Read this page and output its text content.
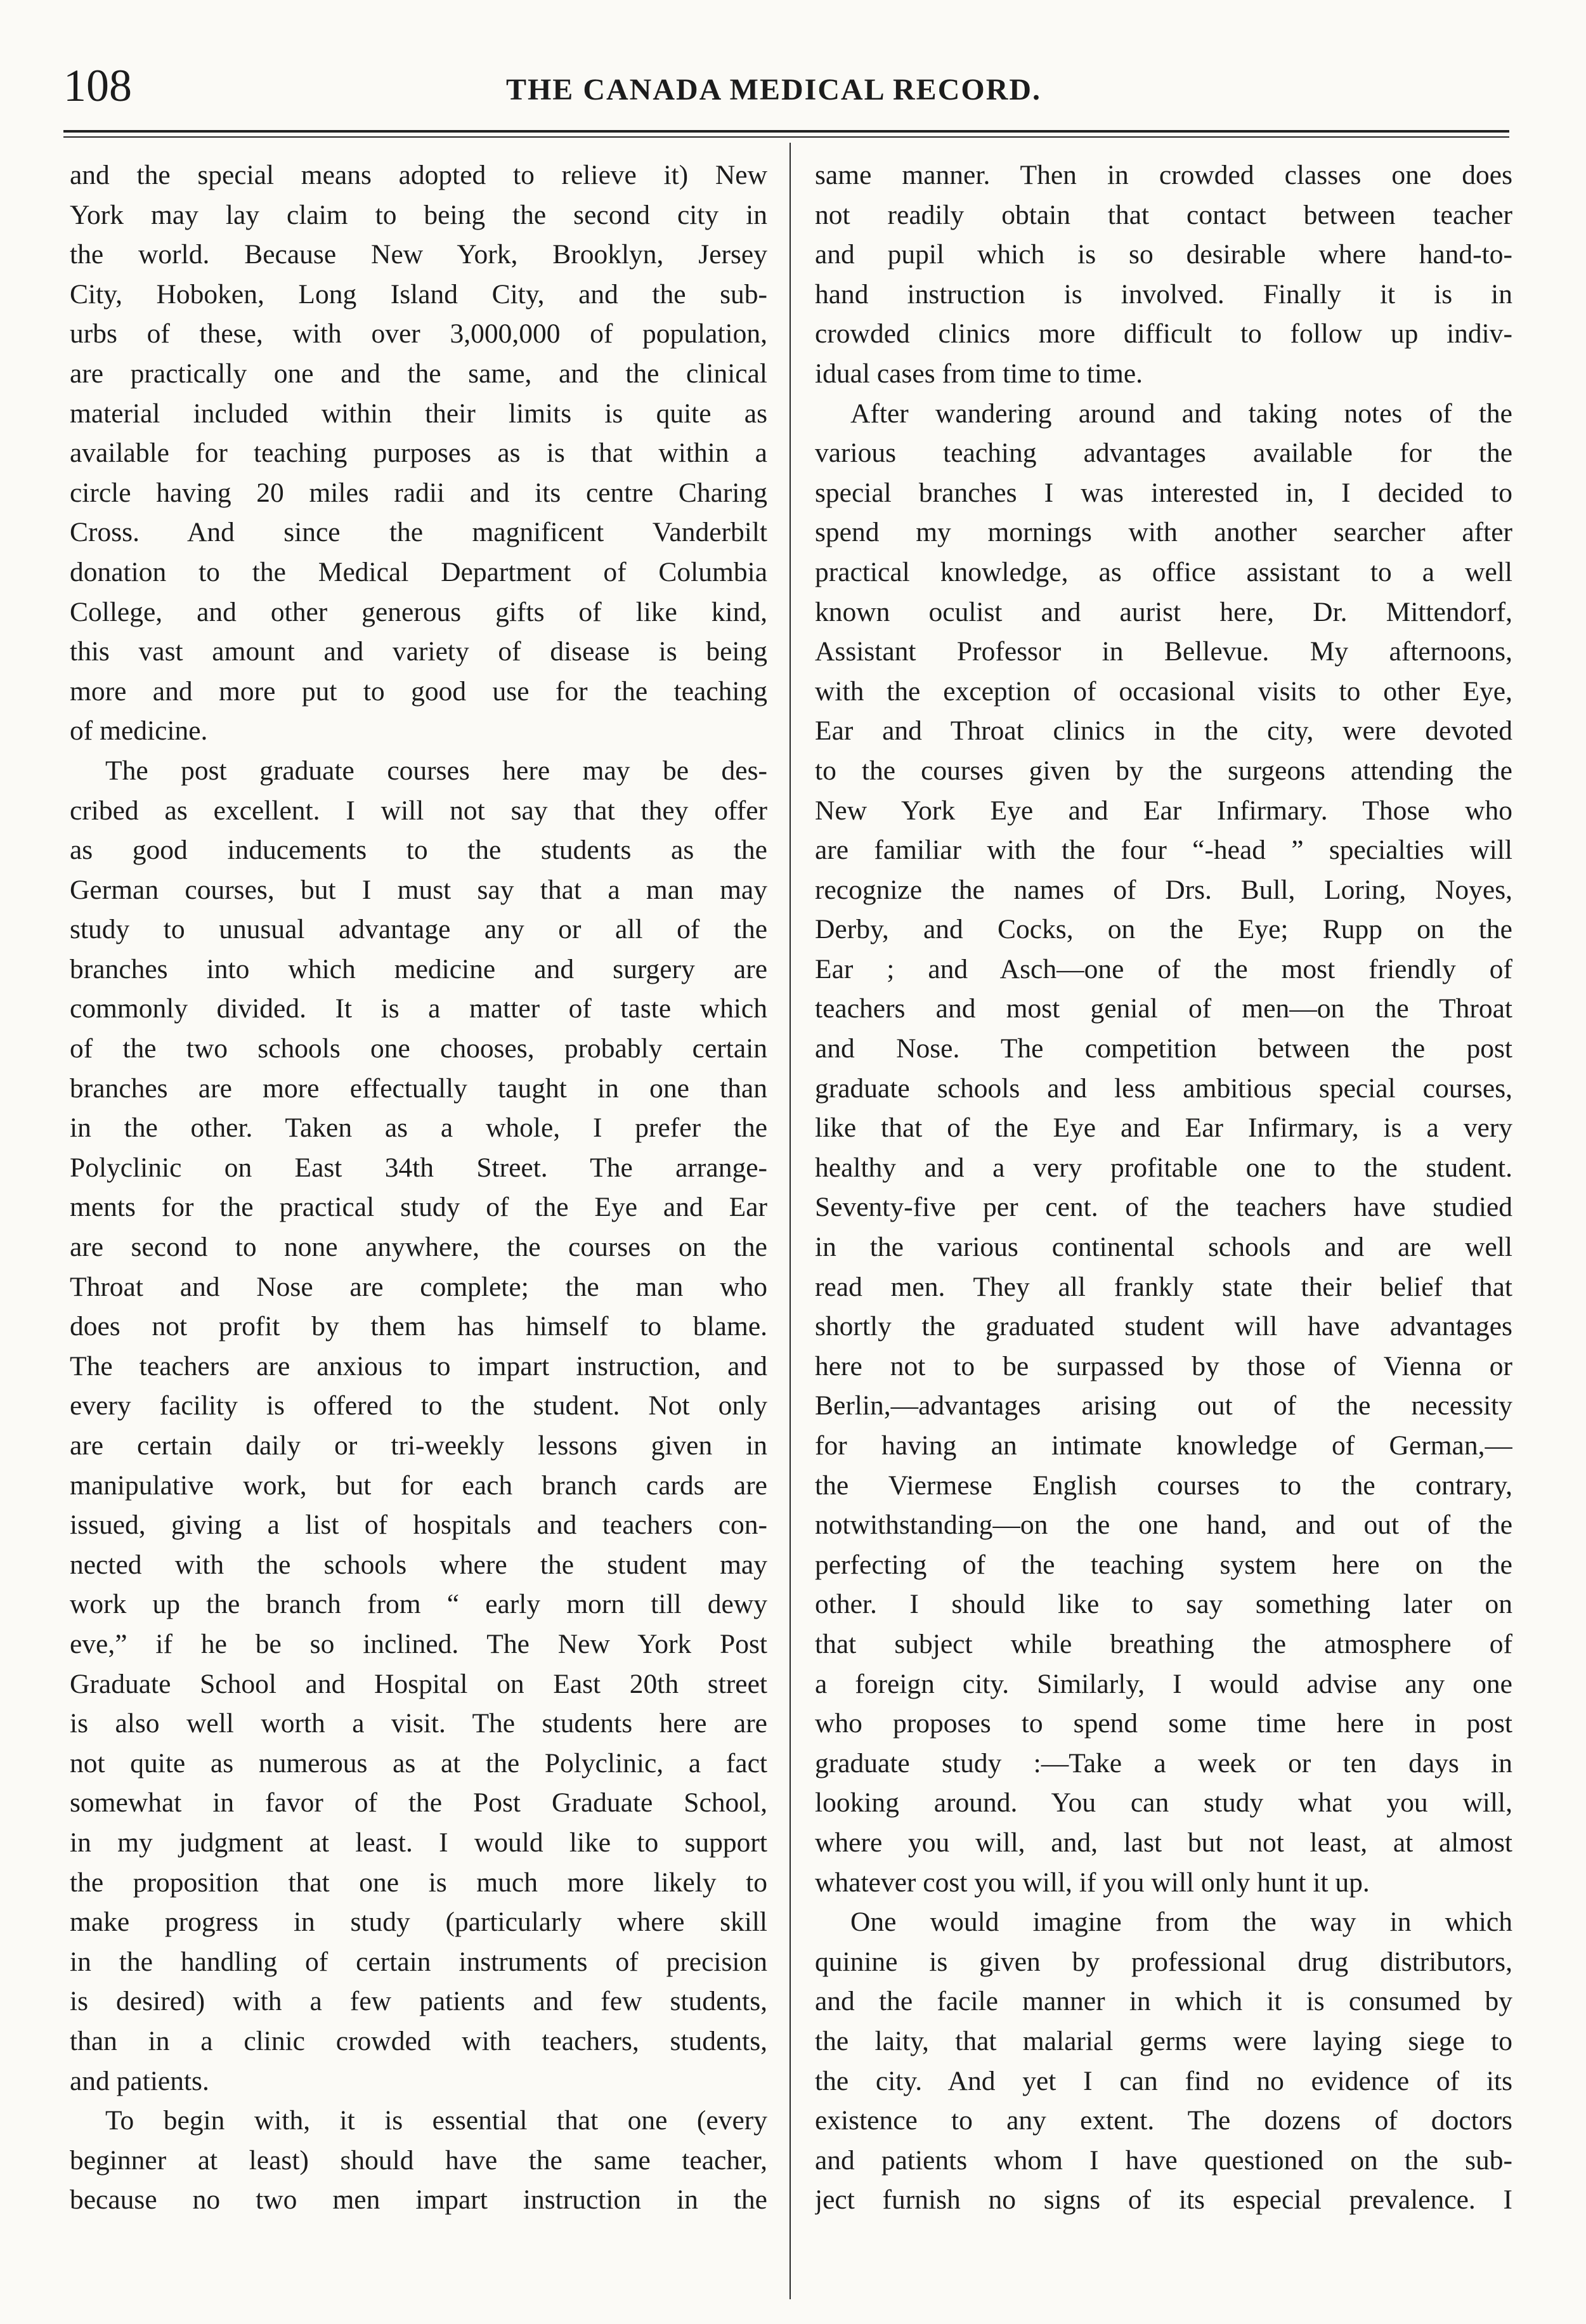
108	THE CANADA MEDICAL RECORD.
and the special means adopted to relieve it) New
York may lay claim to being the second city in
the world. Because New York, Brooklyn, Jersey
City, Hoboken, Long Island City, and the sub-
urbs of these, with over 3,000,000 of population,
are practically one and the same, and the clinical
material included within their limits is quite as
available for teaching purposes as is that within a
circle having 20 miles radii and its centre Charing
Cross. And since the magnificent Vanderbilt
donation to the Medical Department of Columbia
College, and other generous gifts of like kind,
this vast amount and variety of disease is being
more and more put to good use for the teaching
of medicine.
The post graduate courses here may be des-
cribed as excellent. I will not say that they offer
as good inducements to the students as the
German courses, but I must say that a man may
study to unusual advantage any or all of the
branches into which medicine and surgery are
commonly divided. It is a matter of taste which
of the two schools one chooses, probably certain
branches are more effectually taught in one than
in the other. Taken as a whole, I prefer the
Polyclinic on East 34th Street. The arrange-
ments for the practical study of the Eye and Ear
are second to none anywhere, the courses on the
Throat and Nose are complete; the man who
does not profit by them has himself to blame.
The teachers are anxious to impart instruction, and
every facility is offered to the student. Not only
are certain daily or tri-weekly lessons given in
manipulative work, but for each branch cards are
issued, giving a list of hospitals and teachers con-
nected with the schools where the student may
work up the branch from “ early morn till dewy
eve,” if he be so inclined. The New York Post
Graduate School and Hospital on East 20th street
is also well worth a visit. The students here are
not quite as numerous as at the Polyclinic, a fact
somewhat in favor of the Post Graduate School,
in my judgment at least. I would like to support
the proposition that one is much more likely to
make progress in study (particularly where skill
in the handling of certain instruments of precision
is desired) with a few patients and few students,
than in a clinic crowded with teachers, students,
and patients.
To begin with, it is essential that one (every
beginner at least) should have the same teacher,
because no two men impart instruction in the
same manner. Then in crowded classes one does
not readily obtain that contact between teacher
and pupil which is so desirable where hand-to-
hand instruction is involved. Finally it is in
crowded clinics more difficult to follow up indiv-
idual cases from time to time.
After wandering around and taking notes of the
various teaching advantages available for the
special branches I was interested in, I decided to
spend my mornings with another searcher after
practical knowledge, as office assistant to a well
known oculist and aurist here, Dr. Mittendorf,
Assistant Professor in Bellevue. My afternoons,
with the exception of occasional visits to other Eye,
Ear and Throat clinics in the city, were devoted
to the courses given by the surgeons attending the
New York Eye and Ear Infirmary. Those who
are familiar with the four “-head ” specialties will
recognize the names of Drs. Bull, Loring, Noyes,
Derby, and Cocks, on the Eye; Rupp on the
Ear ; and Asch—one of the most friendly of
teachers and most genial of men—on the Throat
and Nose. The competition between the post
graduate schools and less ambitious special courses,
like that of the Eye and Ear Infirmary, is a very
healthy and a very profitable one to the student.
Seventy-five per cent. of the teachers have studied
in the various continental schools and are well
read men. They all frankly state their belief that
shortly the graduated student will have advantages
here not to be surpassed by those of Vienna or
Berlin,—advantages arising out of the necessity
for having an intimate knowledge of German,—
the Viermese English courses to the contrary,
notwithstanding—on the one hand, and out of the
perfecting of the teaching system here on the
other. I should like to say something later on
that subject while breathing the atmosphere of
a foreign city. Similarly, I would advise any one
who proposes to spend some time here in post
graduate study :—Take a week or ten days in
looking around. You can study what you will,
where you will, and, last but not least, at almost
whatever cost you will, if you will only hunt it up.
One would imagine from the way in which
quinine is given by professional drug distributors,
and the facile manner in which it is consumed by
the laity, that malarial germs were laying siege to
the city. And yet I can find no evidence of its
existence to any extent. The dozens of doctors
and patients whom I have questioned on the sub-
ject furnish no signs of its especial prevalence. I
